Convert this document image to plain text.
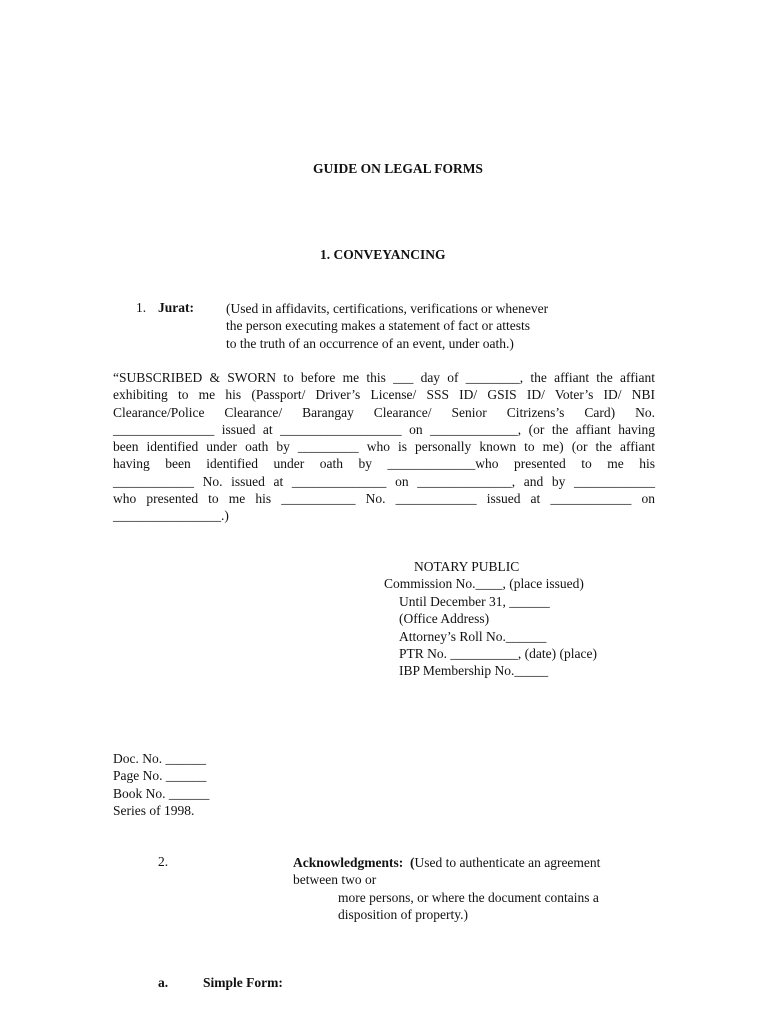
GUIDE ON LEGAL FORMS
1. CONVEYANCING
1. Jurat: (Used in affidavits, certifications, verifications or whenever
the person executing makes a statement of fact or attests
to the truth of an occurrence of an event, under oath.)
“SUBSCRIBED & SWORN to before me this ___ day of ________, the affiant the affiant
exhibiting to me his (Passport/ Driver’s License/ SSS ID/ GSIS ID/ Voter’s ID/ NBI
Clearance/Police Clearance/ Barangay Clearance/ Senior Citrizens’s Card) No.
_______________ issued at __________________ on _____________, (or the affiant having
been identified under oath by _________ who is personally known to me) (or the affiant
having been identified under oath by _____________who presented to me his
____________ No. issued at ______________ on ______________, and by ____________
who presented to me his ___________ No. ____________ issued at ____________ on
________________.)
NOTARY PUBLIC
Commission No.____, (place issued)
Until December 31, ______
(Office Address)
Attorney’s Roll No.______
PTR No. __________, (date) (place)
IBP Membership No._____
Doc. No. ______
Page No. ______
Book No. ______
Series of 1998.
2.	Acknowledgments: (Used to authenticate an agreement
between two or
more persons, or where the document contains a
disposition of property.)
a.	Simple Form:
